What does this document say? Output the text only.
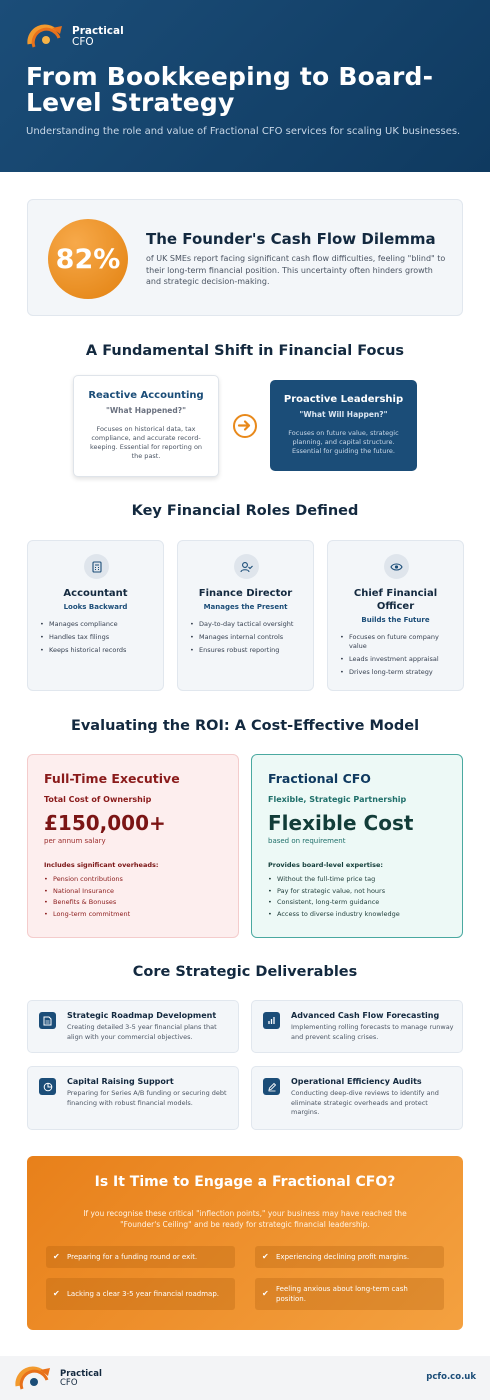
Practical
CFO
From Bookkeeping to Board-Level Strategy

Understanding the role and value of Fractional CFO services for scaling UK businesses.

82%
The Founder's Cash Flow Dilemma

of UK SMEs report facing significant cash flow difficulties, feeling "blind" to their long-term financial position. This uncertainty often hinders growth and strategic decision-making.

A Fundamental Shift in Financial Focus
Reactive Accounting
"What Happened?"
Focuses on historical data, tax compliance, and accurate record-keeping. Essential for reporting on the past.
Proactive Leadership
"What Will Happen?"
Focuses on future value, strategic planning, and capital structure. Essential for guiding the future.
Key Financial Roles Defined
Accountant
Looks Backward
• Manages compliance
• Handles tax filings
• Keeps historical records
Finance Director
Manages the Present
• Day-to-day tactical oversight
• Manages internal controls
• Ensures robust reporting
Chief Financial Officer
Builds the Future
• Focuses on future company value
• Leads investment appraisal
• Drives long-term strategy
Evaluating the ROI: A Cost-Effective Model
Full-Time Executive
Total Cost of Ownership
£150,000+
per annum salary
Includes significant overheads:
• Pension contributions
• National Insurance
• Benefits & Bonuses
• Long-term commitment
Fractional CFO
Flexible, Strategic Partnership
Flexible Cost
based on requirement
Provides board-level expertise:
• Without the full-time price tag
• Pay for strategic value, not hours
• Consistent, long-term guidance
• Access to diverse industry knowledge
Core Strategic Deliverables
Strategic Roadmap Development
Creating detailed 3-5 year financial plans that align with your commercial objectives.
Advanced Cash Flow Forecasting
Implementing rolling forecasts to manage runway and prevent scaling crises.
Capital Raising Support
Preparing for Series A/B funding or securing debt financing with robust financial models.
Operational Efficiency Audits
Conducting deep-dive reviews to identify and eliminate strategic overheads and protect margins.
Is It Time to Engage a Fractional CFO?

If you recognise these critical "inflection points," your business may have reached the "Founder's Ceiling" and be ready for strategic financial leadership.

✔ Preparing for a funding round or exit.	✔ Experiencing declining profit margins.
✔ Lacking a clear 3-5 year financial roadmap.	✔ Feeling anxious about long-term cash position.
Practical
CFO
pcfo.co.uk
